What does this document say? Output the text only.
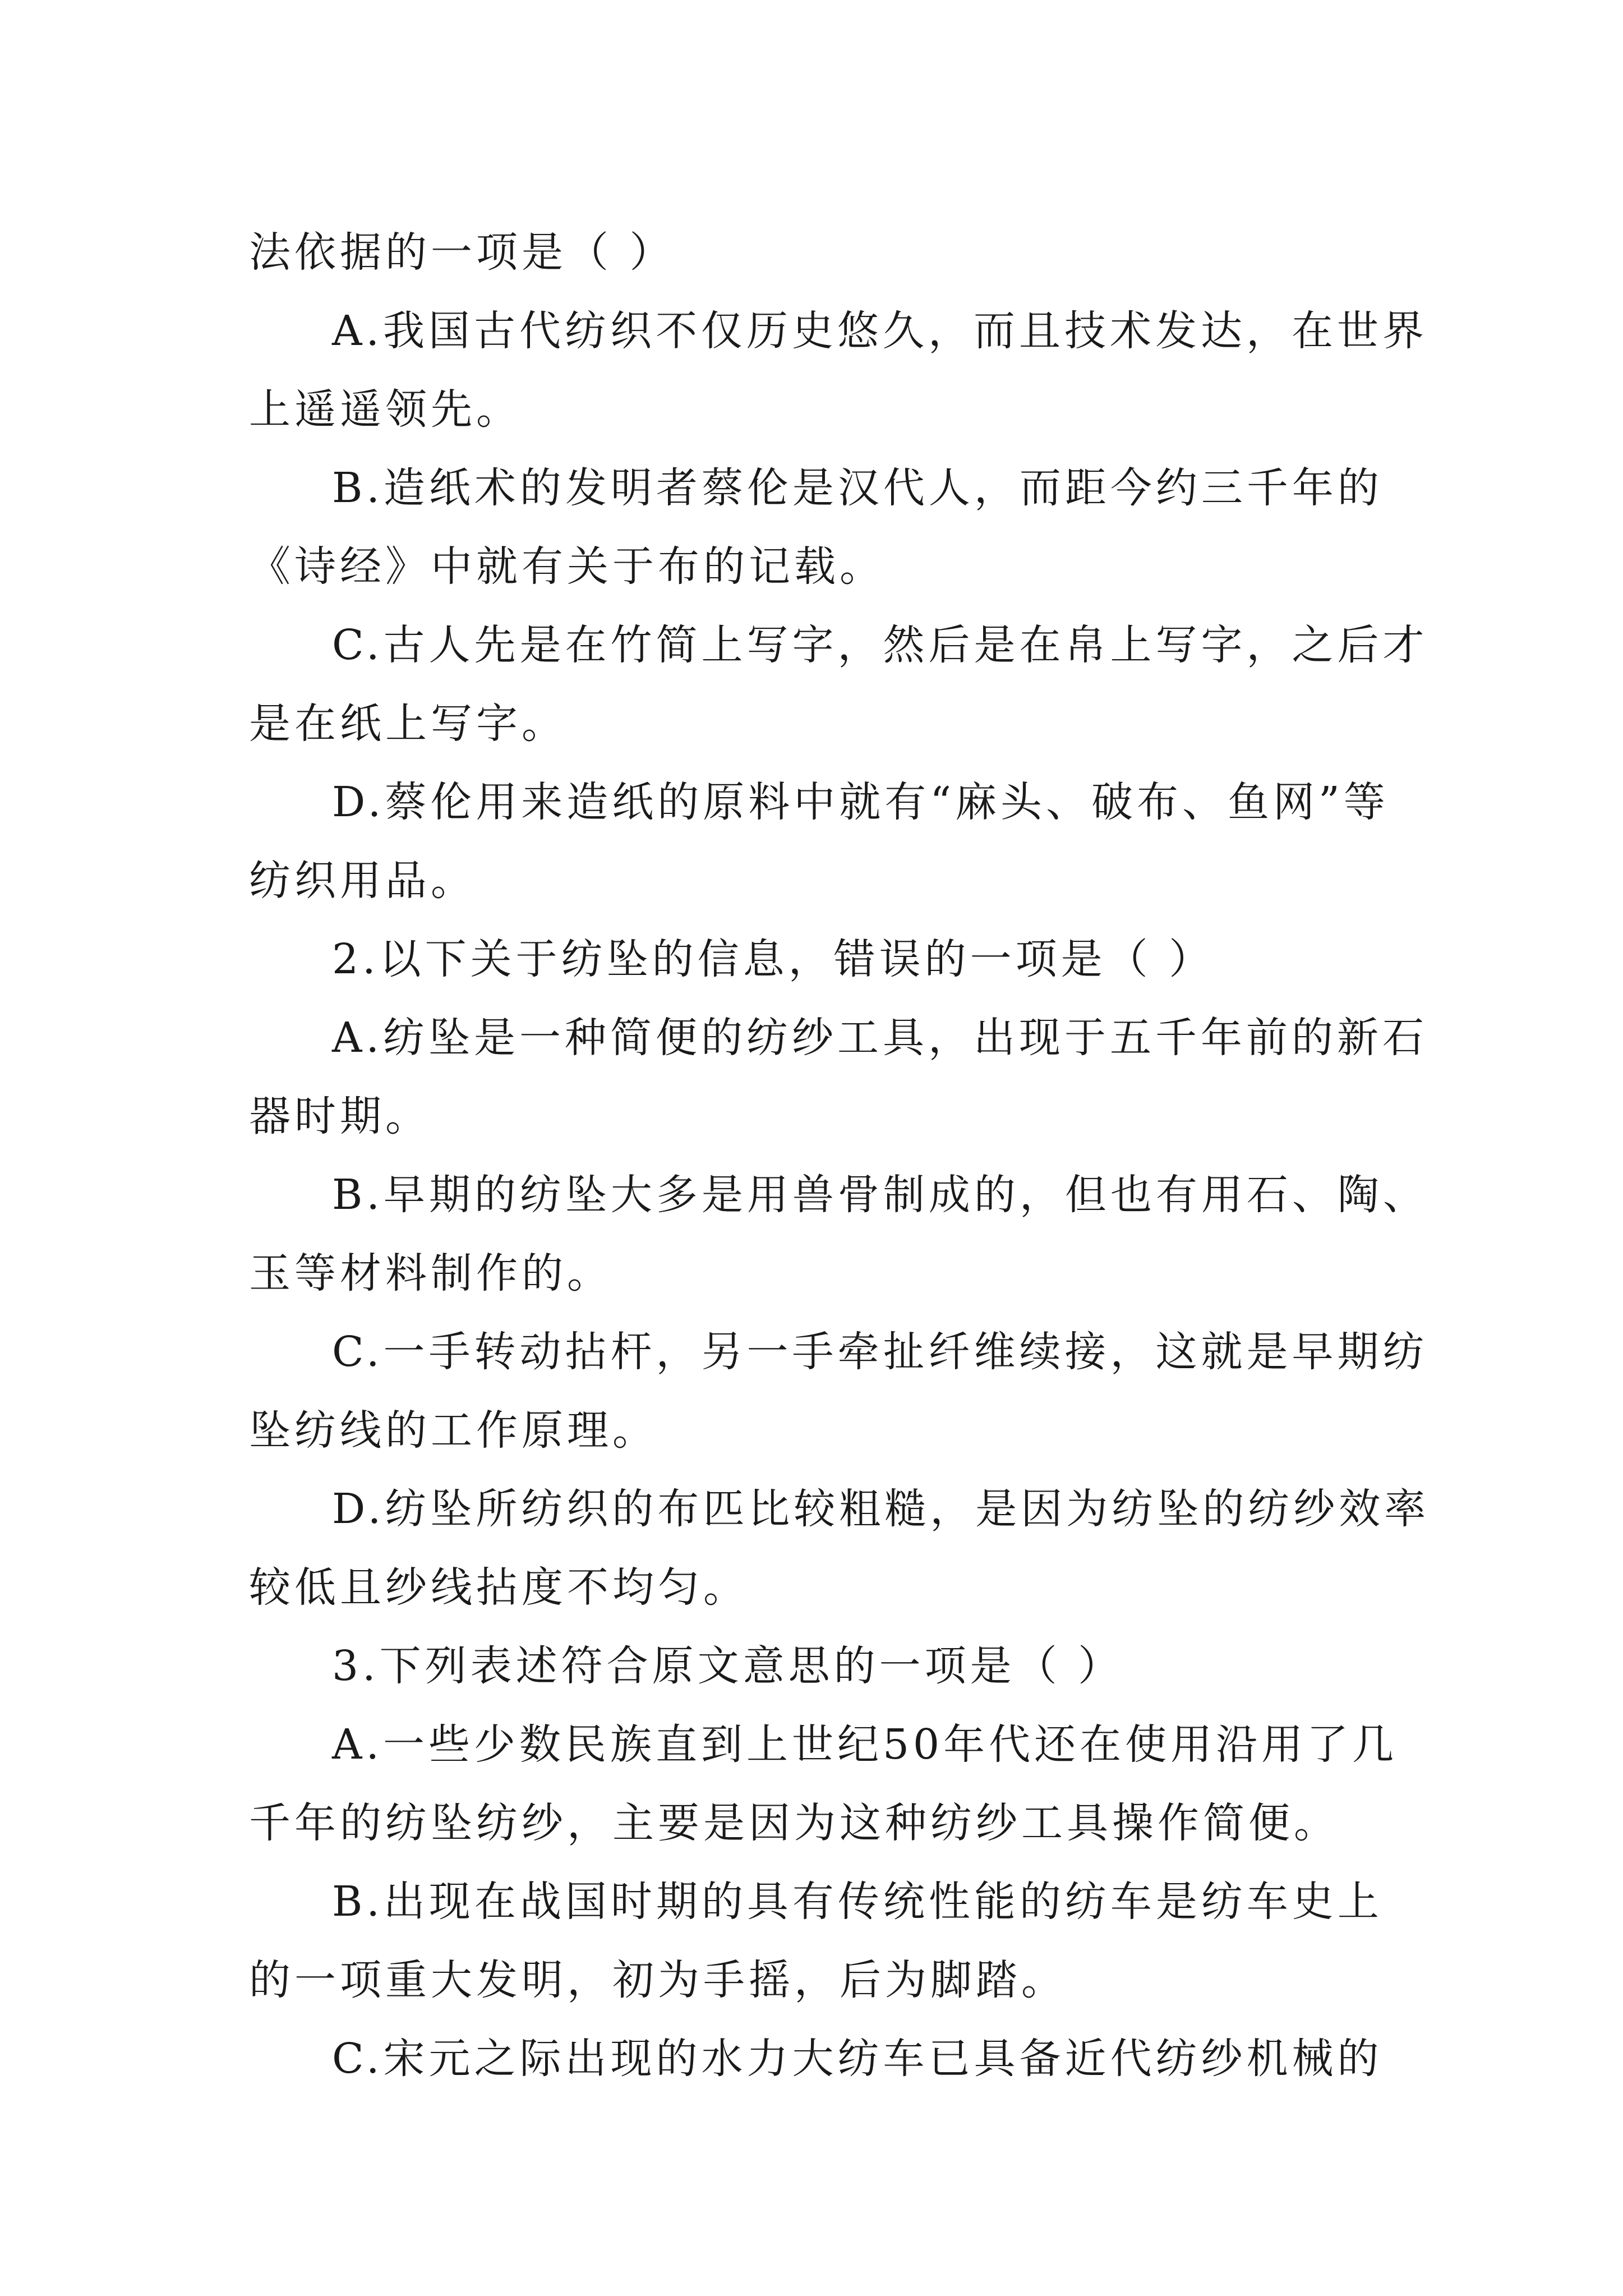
法依据的一项是（ ）
A.我国古代纺织不仅历史悠久，而且技术发达，在世界
上遥遥领先。
B.造纸术的发明者蔡伦是汉代人，而距今约三千年的
《诗经》中就有关于布的记载。
C.古人先是在竹简上写字，然后是在帛上写字，之后才
是在纸上写字。
D.蔡伦用来造纸的原料中就有“麻头、破布、鱼网”等
纺织用品。
2.以下关于纺坠的信息，错误的一项是（ ）
A.纺坠是一种简便的纺纱工具，出现于五千年前的新石
器时期。
B.早期的纺坠大多是用兽骨制成的，但也有用石、陶、
玉等材料制作的。
C.一手转动拈杆，另一手牵扯纤维续接，这就是早期纺
坠纺线的工作原理。
D.纺坠所纺织的布匹比较粗糙，是因为纺坠的纺纱效率
较低且纱线拈度不均匀。
3.下列表述符合原文意思的一项是（ ）
A.一些少数民族直到上世纪50年代还在使用沿用了几
千年的纺坠纺纱，主要是因为这种纺纱工具操作简便。
B.出现在战国时期的具有传统性能的纺车是纺车史上
的一项重大发明，初为手摇，后为脚踏。
C.宋元之际出现的水力大纺车已具备近代纺纱机械的
